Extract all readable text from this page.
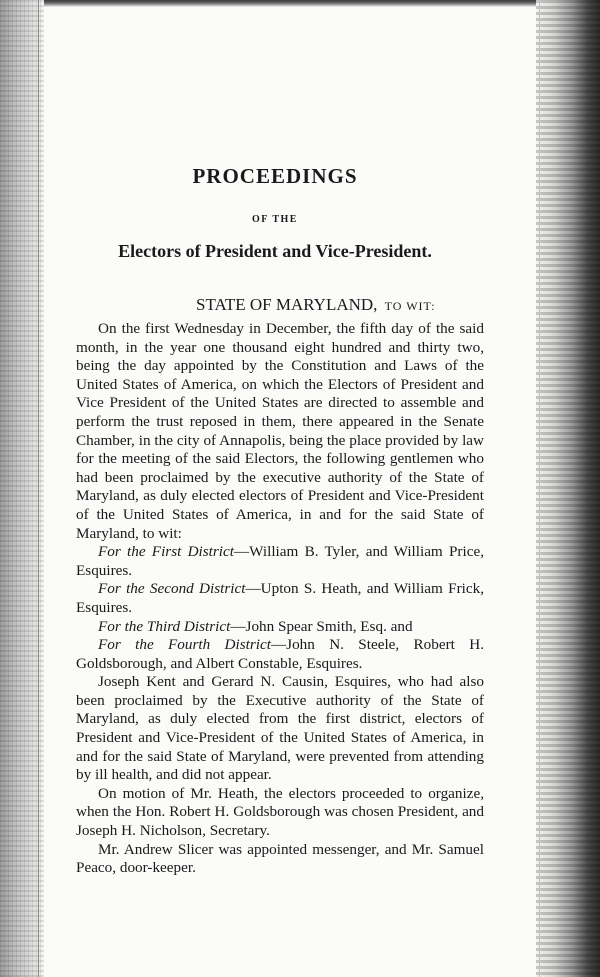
PROCEEDINGS
OF THE
Electors of President and Vice-President.
STATE OF MARYLAND, TO WIT:

On the first Wednesday in December, the fifth day of the said month, in the year one thousand eight hundred and thirty two, being the day appointed by the Constitution and Laws of the United States of America, on which the Electors of President and Vice President of the United States are directed to assemble and perform the trust reposed in them, there appeared in the Senate Chamber, in the city of Annapolis, being the place provided by law for the meeting of the said Electors, the following gentlemen who had been proclaimed by the executive authority of the State of Maryland, as duly elected electors of President and Vice-President of the United States of America, in and for the said State of Maryland, to wit:

For the First District—William B. Tyler, and William Price, Esquires.

For the Second District—Upton S. Heath, and William Frick, Esquires.

For the Third District—John Spear Smith, Esq. and

For the Fourth District—John N. Steele, Robert H. Goldsborough, and Albert Constable, Esquires.

Joseph Kent and Gerard N. Causin, Esquires, who had also been proclaimed by the Executive authority of the State of Maryland, as duly elected from the first district, electors of President and Vice-President of the United States of America, in and for the said State of Maryland, were prevented from attending by ill health, and did not appear.

On motion of Mr. Heath, the electors proceeded to organize, when the Hon. Robert H. Goldsborough was chosen President, and Joseph H. Nicholson, Secretary.

Mr. Andrew Slicer was appointed messenger, and Mr. Samuel Peaco, door-keeper.
